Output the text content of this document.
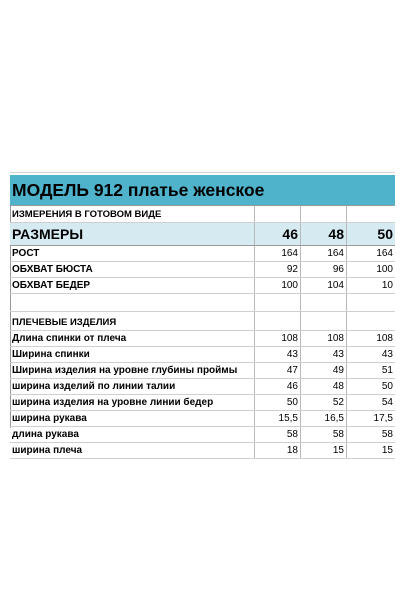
МОДЕЛЬ 912 платье женское
ИЗМЕРЕНИЯ В ГОТОВОМ ВИДЕ
РАЗМЕРЫ	46	48	50
РОСТ	164	164	164
ОБХВАТ БЮСТА	92	96	100
ОБХВАТ БЕДЕР	100	104	10
ПЛЕЧЕВЫЕ ИЗДЕЛИЯ
Длина спинки от плеча	108	108	108
Ширина спинки	43	43	43
Ширина изделия на уровне глубины проймы	47	49	51
ширина изделий по линии талии	46	48	50
ширина изделия на уровне линии бедер	50	52	54
ширина рукава	15,5	16,5	17,5
длина рукава	58	58	58
ширина плеча	18	15	15
